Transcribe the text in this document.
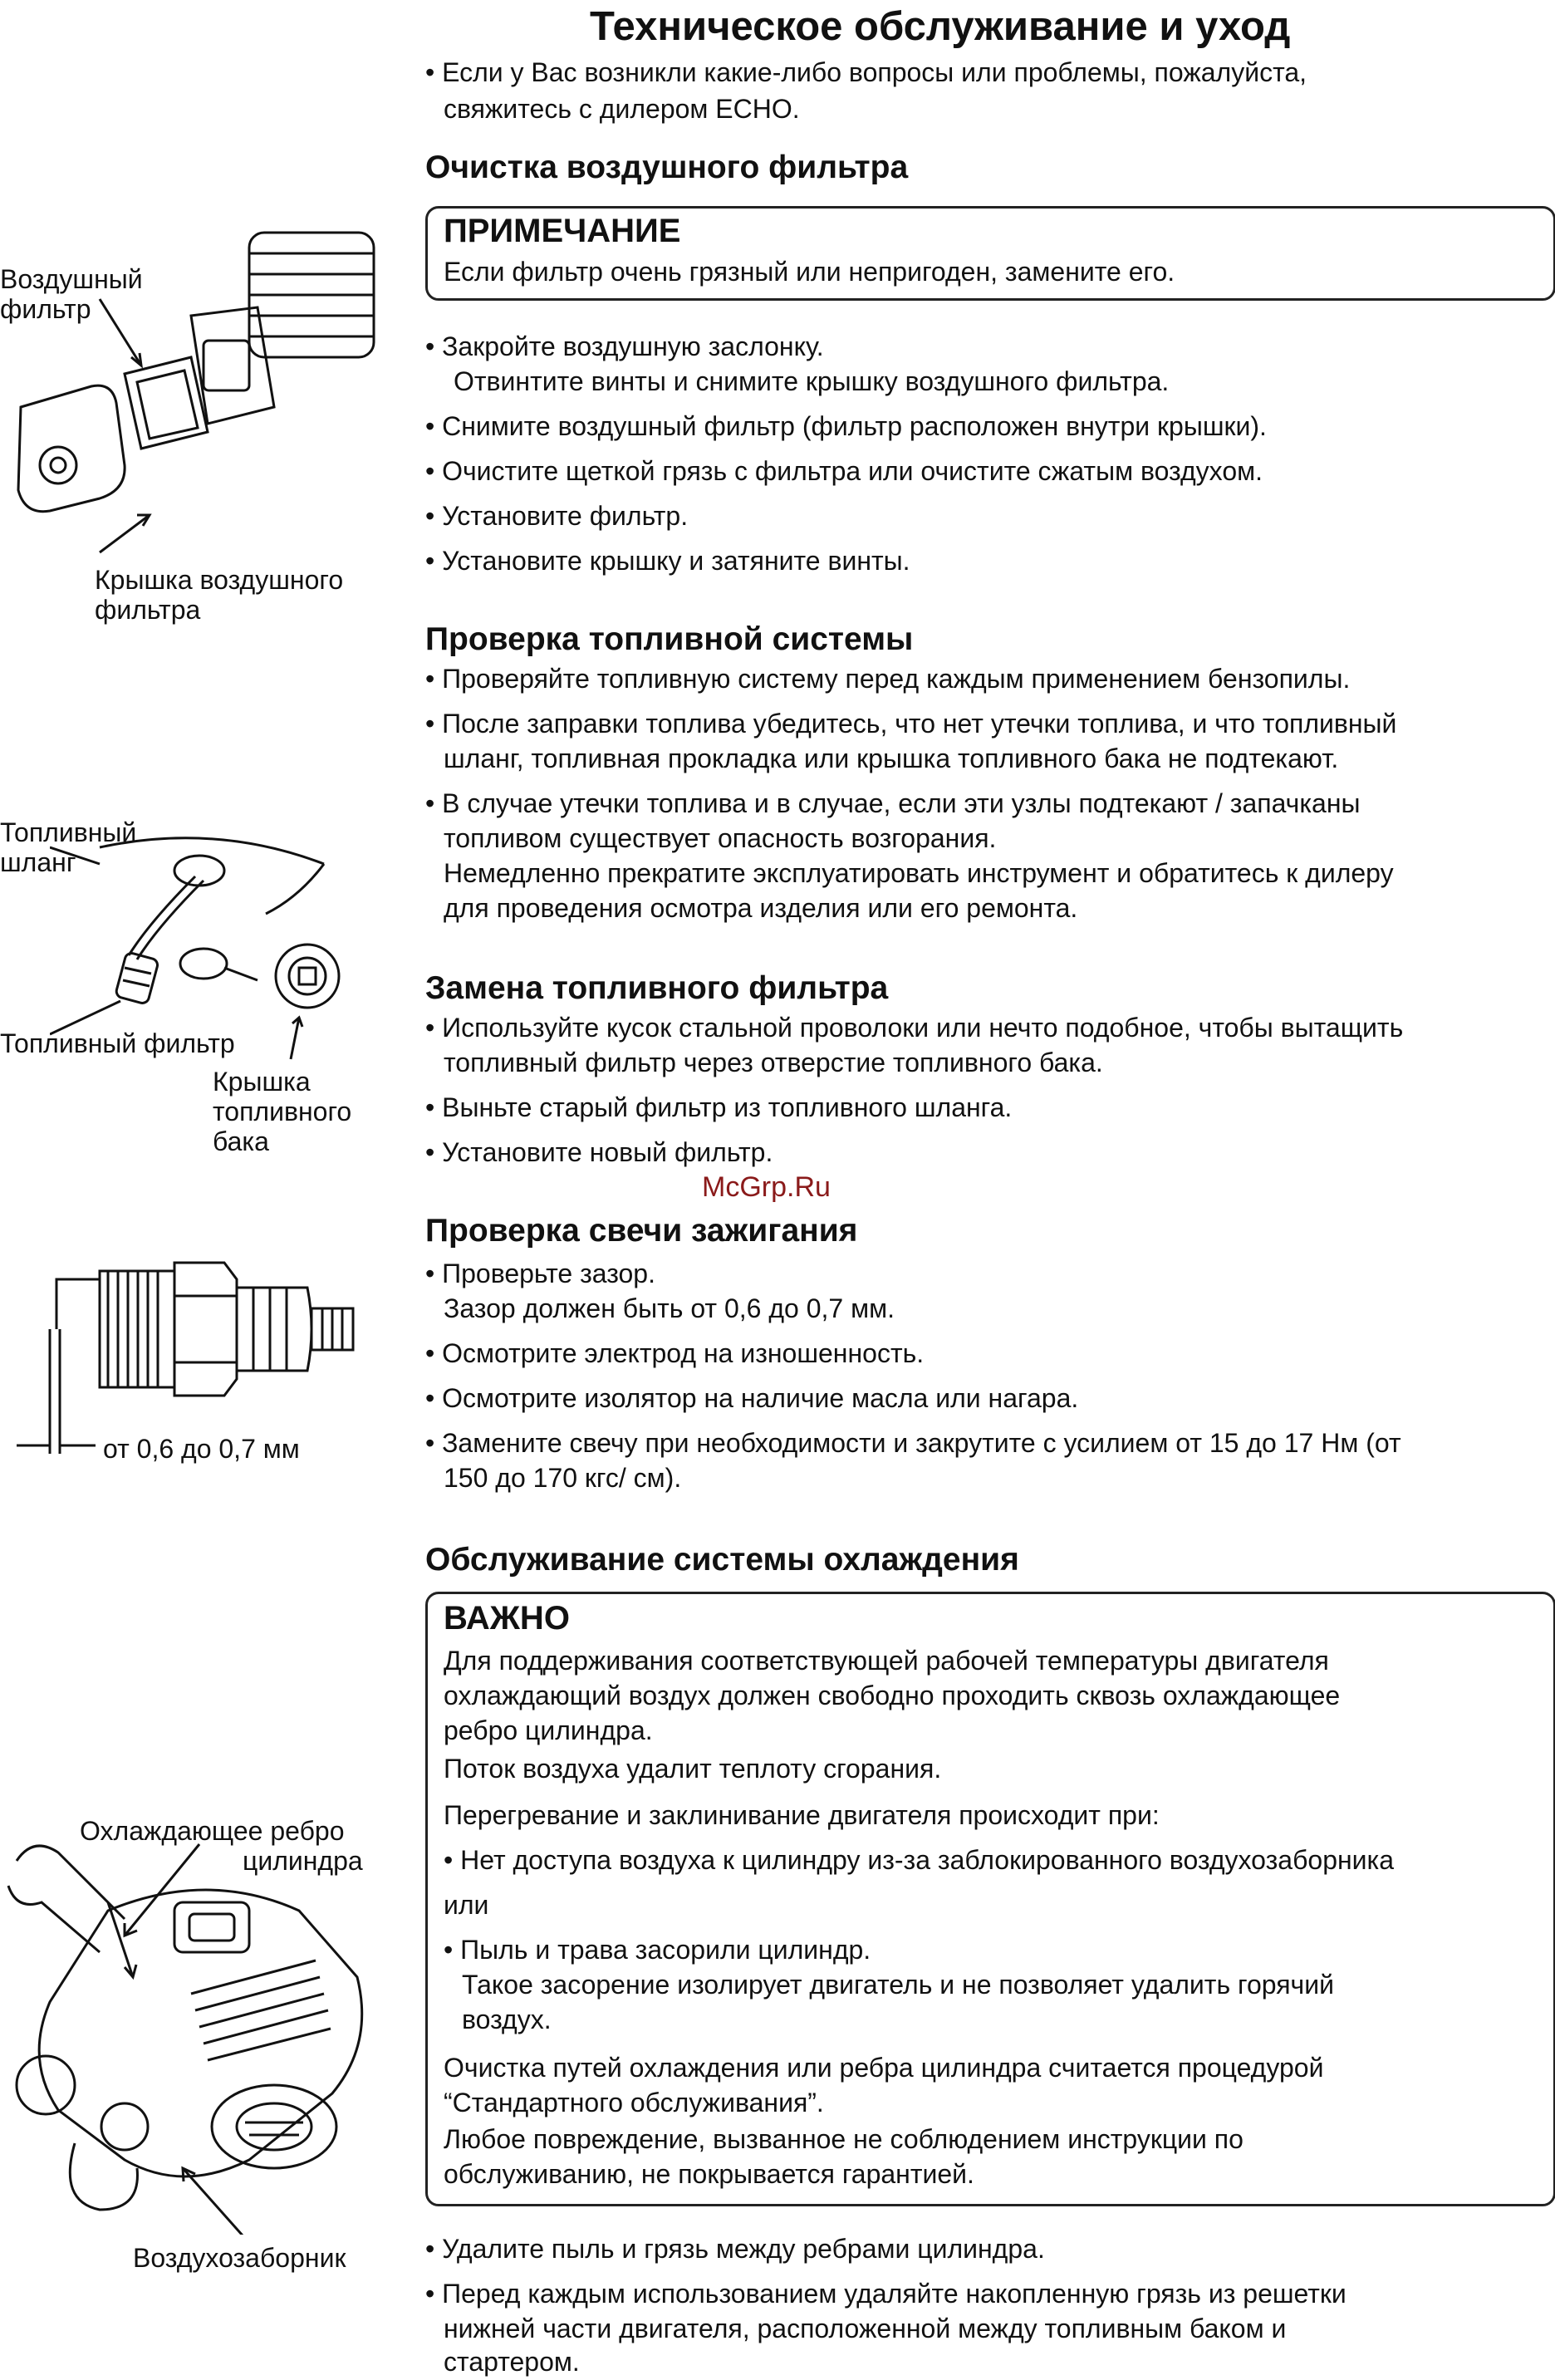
Техническое обслуживание и уход
• Если у Вас возникли какие-либо вопросы или проблемы, пожалуйста,
свяжитесь с дилером ECHO.
Очистка воздушного фильтра
ПРИМЕЧАНИЕ
Если фильтр очень грязный или непригоден, замените его.
• Закройте воздушную заслонку.
Отвинтите винты и снимите крышку воздушного фильтра.
• Снимите воздушный фильтр (фильтр расположен внутри крышки).
• Очистите щеткой грязь с фильтра или очистите сжатым воздухом.
• Установите фильтр.
• Установите крышку и затяните винты.
Воздушный
фильтр
Крышка воздушного
фильтра
Проверка топливной системы
• Проверяйте топливную систему перед каждым применением бензопилы.
• После заправки топлива убедитесь, что нет утечки топлива, и что топливный
шланг, топливная прокладка или крышка топливного бака не подтекают.
• В случае утечки топлива и в случае, если эти узлы подтекают / запачканы
топливом существует опасность возгорания.
Немедленно прекратите эксплуатировать инструмент и обратитесь к дилеру
для проведения осмотра изделия или его ремонта.
Топливный
шланг
Топливный фильтр
Крышка
топливного
бака
Замена топливного фильтра
• Используйте кусок стальной проволоки или нечто подобное, чтобы вытащить
топливный фильтр через отверстие топливного бака.
• Выньте старый фильтр из топливного шланга.
• Установите новый фильтр.
McGrp.Ru
Проверка свечи зажигания
• Проверьте зазор.
Зазор должен быть от 0,6 до 0,7 мм.
• Осмотрите электрод на изношенность.
• Осмотрите изолятор на наличие масла или нагара.
• Замените свечу при необходимости и закрутите с усилием от 15 до 17 Нм (от
150 до 170 кгс/ см).
от 0,6 до 0,7 мм
Обслуживание системы охлаждения
ВАЖНО
Для поддерживания соответствующей рабочей температуры двигателя
охлаждающий воздух должен свободно проходить сквозь охлаждающее
ребро цилиндра.
Поток воздуха удалит теплоту сгорания.
Перегревание и заклинивание двигателя происходит при:
• Нет доступа воздуха к цилиндру из-за заблокированного воздухозаборника
или
• Пыль и трава засорили цилиндр.
Такое засорение изолирует двигатель и не позволяет удалить горячий
воздух.
Очистка путей охлаждения или ребра цилиндра считается процедурой
“Стандартного обслуживания”.
Любое повреждение, вызванное не соблюдением инструкции по
обслуживанию, не покрывается гарантией.
• Удалите пыль и грязь между ребрами цилиндра.
• Перед каждым использованием удаляйте накопленную грязь из решетки
нижней части двигателя, расположенной между топливным баком и
стартером.
Охлаждающее ребро
цилиндра
Воздухозаборник
